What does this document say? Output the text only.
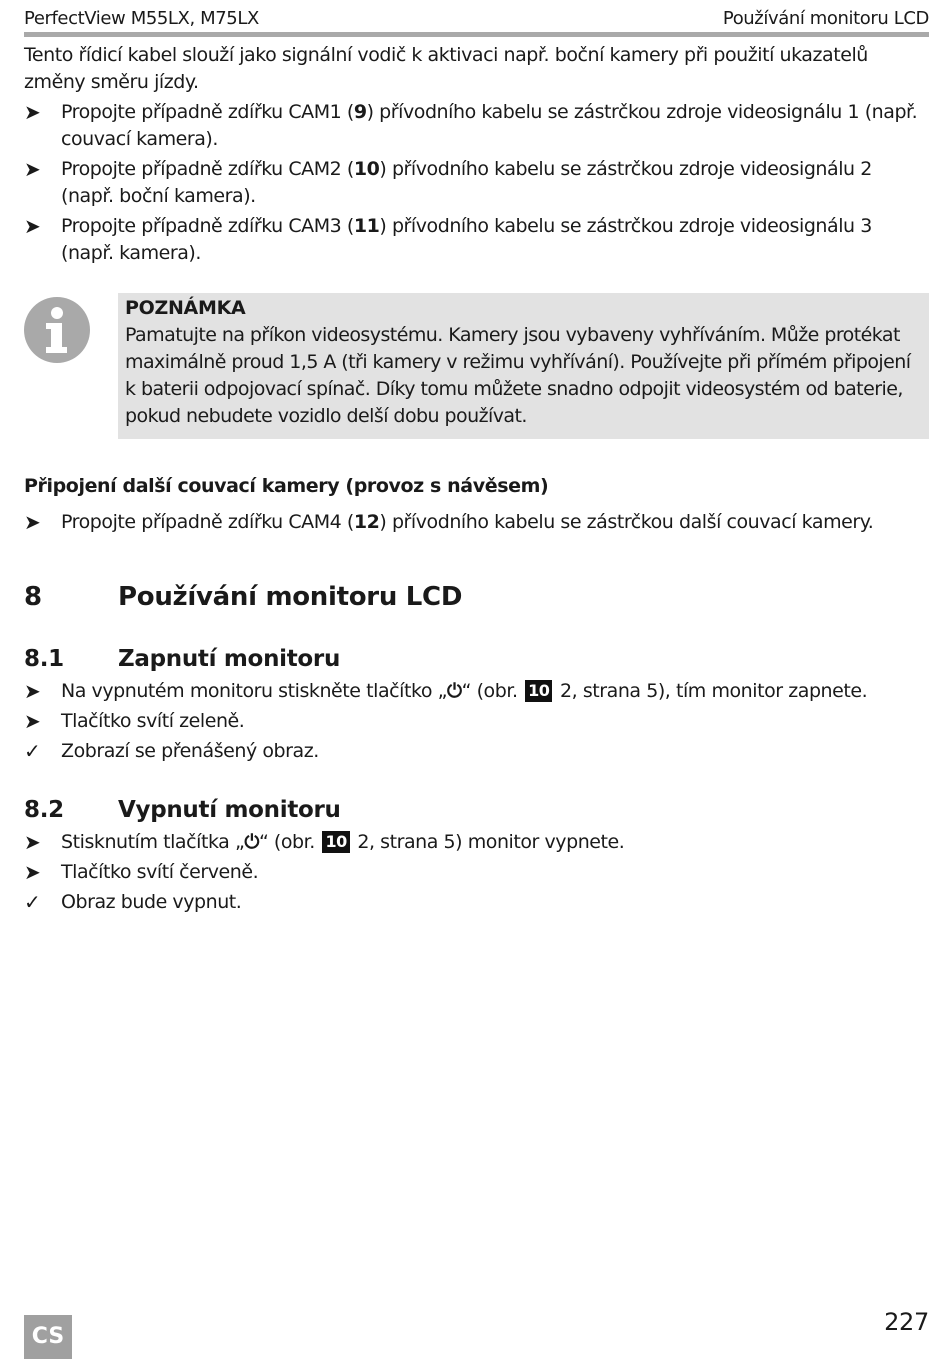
PerfectView M55LX, M75LX	Používání monitoru LCD

Tento řídicí kabel slouží jako signální vodič k aktivaci např. boční kamery při použití ukazatelů změny směru jízdy.

➤	Propojte případně zdířku CAM1 (9) přívodního kabelu se zástrčkou zdroje videosignálu 1 (např. couvací kamera).
➤	Propojte případně zdířku CAM2 (10) přívodního kabelu se zástrčkou zdroje videosignálu 2 (např. boční kamera).
➤	Propojte případně zdířku CAM3 (11) přívodního kabelu se zástrčkou zdroje videosignálu 3 (např. kamera).
POZNÁMKA
Pamatujte na příkon videosystému. Kamery jsou vybaveny vyhříváním. Může protékat maximálně proud 1,5 A (tři kamery v režimu vyhřívání). Používejte při přímém připojení k baterii odpojovací spínač. Díky tomu můžete snadno odpojit videosystém od baterie, pokud nebudete vozidlo delší dobu používat.
Připojení další couvací kamery (provoz s návěsem)
➤	Propojte případně zdířku CAM4 (12) přívodního kabelu se zástrčkou další couvací kamery.
8	Používání monitoru LCD
8.1	Zapnutí monitoru
➤	Na vypnutém monitoru stiskněte tlačítko „⏻“ (obr. 10 2, strana 5), tím monitor zapnete.
➤	Tlačítko svítí zeleně.
✓	Zobrazí se přenášený obraz.
8.2	Vypnutí monitoru
➤	Stisknutím tlačítka „⏻“ (obr. 10 2, strana 5) monitor vypnete.
➤	Tlačítko svítí červeně.
✓	Obraz bude vypnut.
CS
227
